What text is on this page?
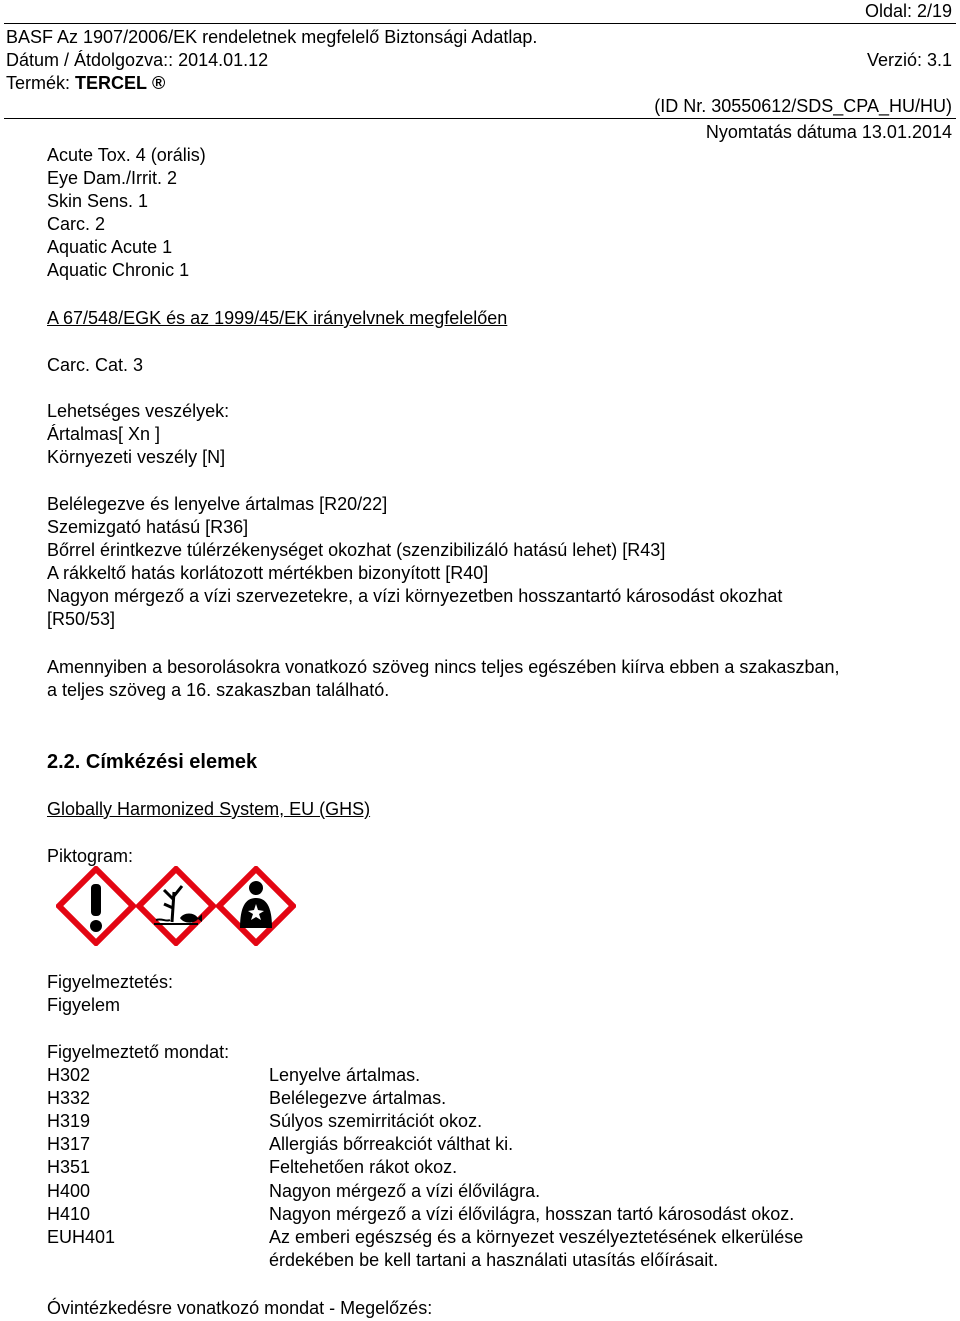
Oldal: 2/19
BASF Az 1907/2006/EK rendeletnek megfelelő Biztonsági Adatlap.
Dátum / Átdolgozva:: 2014.01.12	Verzió: 3.1
Termék: TERCEL ®
(ID Nr. 30550612/SDS_CPA_HU/HU)
Nyomtatás dátuma 13.01.2014
Acute Tox. 4 (orális)
Eye Dam./Irrit. 2
Skin Sens. 1
Carc. 2
Aquatic Acute 1
Aquatic Chronic 1
A 67/548/EGK és az 1999/45/EK irányelvnek megfelelően
Carc. Cat. 3
Lehetséges veszélyek:
Ártalmas[ Xn ]
Környezeti veszély [N]
Belélegezve és lenyelve ártalmas [R20/22]
Szemizgató hatású [R36]
Bőrrel érintkezve túlérzékenységet okozhat (szenzibilizáló hatású lehet) [R43]
A rákkeltő hatás korlátozott mértékben bizonyított [R40]
Nagyon mérgező a vízi szervezetekre, a vízi környezetben hosszantartó károsodást okozhat
[R50/53]
Amennyiben a besorolásokra vonatkozó szöveg nincs teljes egészében kiírva ebben a szakaszban,
a teljes szöveg a 16. szakaszban található.
2.2. Címkézési elemek
Globally Harmonized System, EU (GHS)
Piktogram:
Figyelmeztetés:
Figyelem
Figyelmeztető mondat:
H302	Lenyelve ártalmas.
H332	Belélegezve ártalmas.
H319	Súlyos szemirritációt okoz.
H317	Allergiás bőrreakciót válthat ki.
H351	Feltehetően rákot okoz.
H400	Nagyon mérgező a vízi élővilágra.
H410	Nagyon mérgező a vízi élővilágra, hosszan tartó károsodást okoz.
EUH401	Az emberi egészség és a környezet veszélyeztetésének elkerülése
érdekében be kell tartani a használati utasítás előírásait.
Óvintézkedésre vonatkozó mondat - Megelőzés:
